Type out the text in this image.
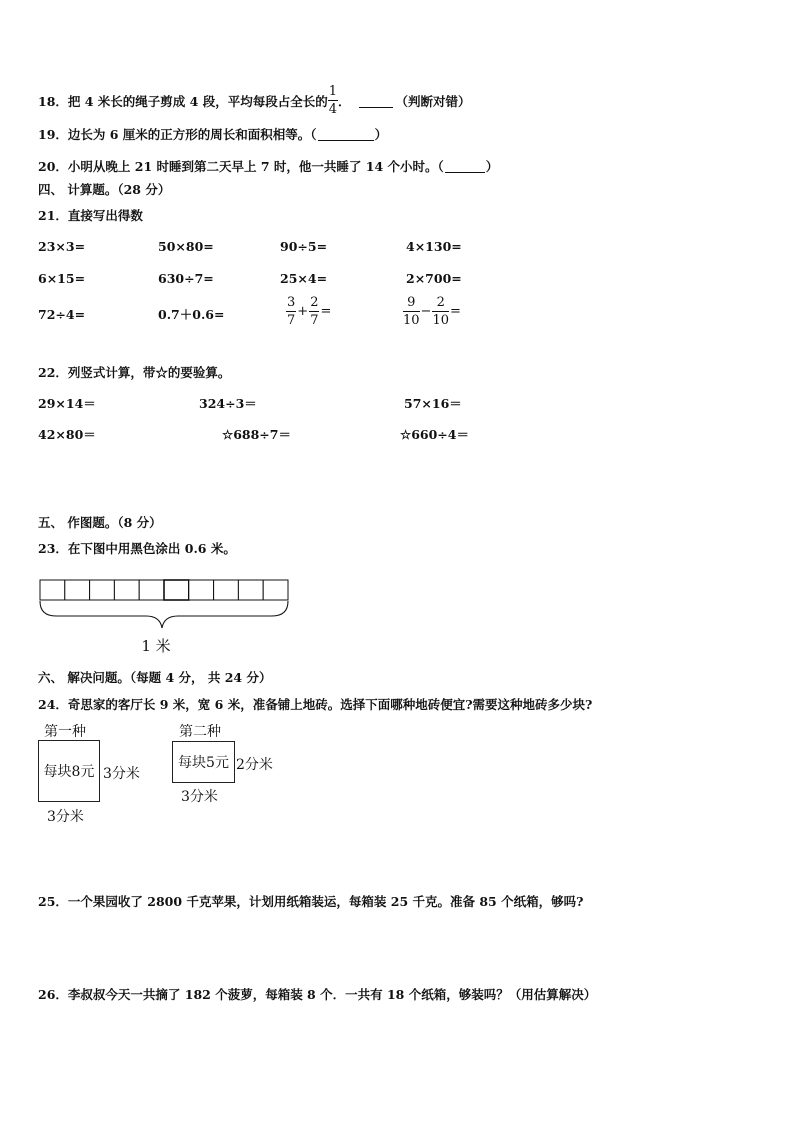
18．把 4 米长的绳子剪成 4 段，平均每段占全长的 $\frac{1}{4}$ ．	（判断对错）
19．边长为 6 厘米的正方形的周长和面积相等。（	）
20．小明从晚上 21 时睡到第二天早上 7 时，他一共睡了 14 个小时。（	）
四、 计算题。（28 分）
21．直接写出得数
23×3=	50×80=	90÷5=	4×130=
6×15=	630÷7=	25×4=	2×700=
72÷4=	0.7＋0.6=	$\frac{3}{7} + \frac{2}{7}$ =	$\frac{9}{10} - \frac{2}{10}$ =
22．列竖式计算，带☆的要验算。
29×14＝	324÷3＝	57×16＝
42×80＝	☆688÷7＝	☆660÷4＝
五、 作图题。（8 分）
23．在下图中用黑色涂出 0.6 米。
1 米
六、 解决问题。（每题 4 分， 共 24 分）
24．奇思家的客厅长 9 米，宽 6 米，准备铺上地砖。选择下面哪种地砖便宜?需要这种地砖多少块?
第一种
每块8元 3分米
3分米
第二种
每块5元 2分米
3分米
25．一个果园收了 2800 千克苹果，计划用纸箱装运，每箱装 25 千克。准备 85 个纸箱，够吗?
26．李叔叔今天一共摘了 182 个菠萝，每箱装 8 个．一共有 18 个纸箱，够装吗？（用估算解决）
